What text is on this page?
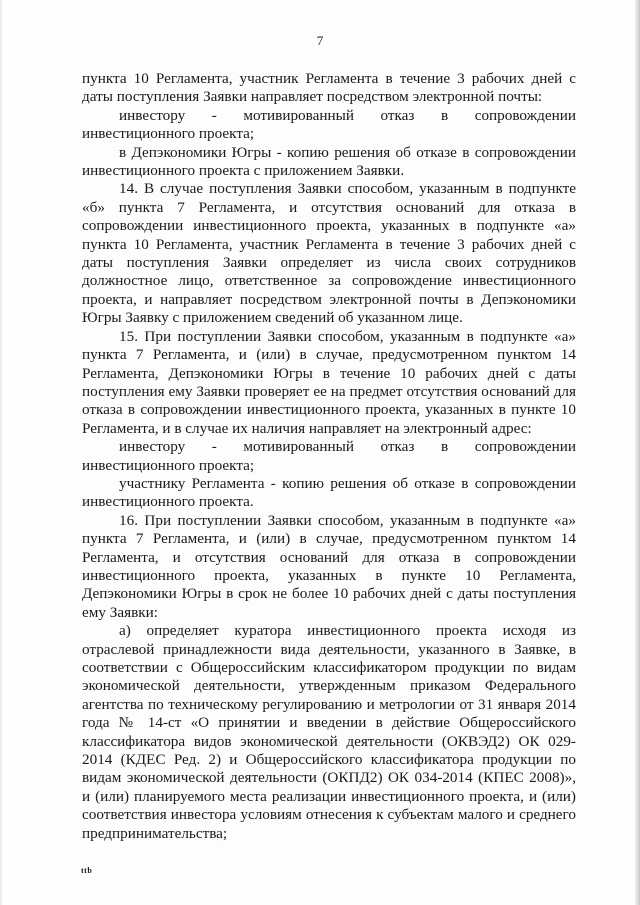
7

пункта 10 Регламента, участник Регламента в течение 3 рабочих дней с даты поступления Заявки направляет посредством электронной почты:

инвестору - мотивированный отказ в сопровождении инвестиционного проекта;

в Депэкономики Югры - копию решения об отказе в сопровождении инвестиционного проекта с приложением Заявки.

14. В случае поступления Заявки способом, указанным в подпункте «б» пункта 7 Регламента, и отсутствия оснований для отказа в сопровождении инвестиционного проекта, указанных в подпункте «а» пункта 10 Регламента, участник Регламента в течение 3 рабочих дней с даты поступления Заявки определяет из числа своих сотрудников должностное лицо, ответственное за сопровождение инвестиционного проекта, и направляет посредством электронной почты в Депэкономики Югры Заявку с приложением сведений об указанном лице.

15. При поступлении Заявки способом, указанным в подпункте «а» пункта 7 Регламента, и (или) в случае, предусмотренном пунктом 14 Регламента, Депэкономики Югры в течение 10 рабочих дней с даты поступления ему Заявки проверяет ее на предмет отсутствия оснований для отказа в сопровождении инвестиционного проекта, указанных в пункте 10 Регламента, и в случае их наличия направляет на электронный адрес:

инвестору - мотивированный отказ в сопровождении инвестиционного проекта;

участнику Регламента - копию решения об отказе в сопровождении инвестиционного проекта.

16. При поступлении Заявки способом, указанным в подпункте «а» пункта 7 Регламента, и (или) в случае, предусмотренном пунктом 14 Регламента, и отсутствия оснований для отказа в сопровождении инвестиционного проекта, указанных в пункте 10 Регламента, Депэкономики Югры в срок не более 10 рабочих дней с даты поступления ему Заявки:

а) определяет куратора инвестиционного проекта исходя из отраслевой принадлежности вида деятельности, указанного в Заявке, в соответствии с Общероссийским классификатором продукции по видам экономической деятельности, утвержденным приказом Федерального агентства по техническому регулированию и метрологии от 31 января 2014 года № 14-ст «О принятии и введении в действие Общероссийского классификатора видов экономической деятельности (ОКВЭД2) ОК 029-2014 (КДЕС Ред. 2) и Общероссийского классификатора продукции по видам экономической деятельности (ОКПД2) ОК 034-2014 (КПЕС 2008)», и (или) планируемого места реализации инвестиционного проекта, и (или) соответствия инвестора условиям отнесения к субъектам малого и среднего предпринимательства;

ttb
